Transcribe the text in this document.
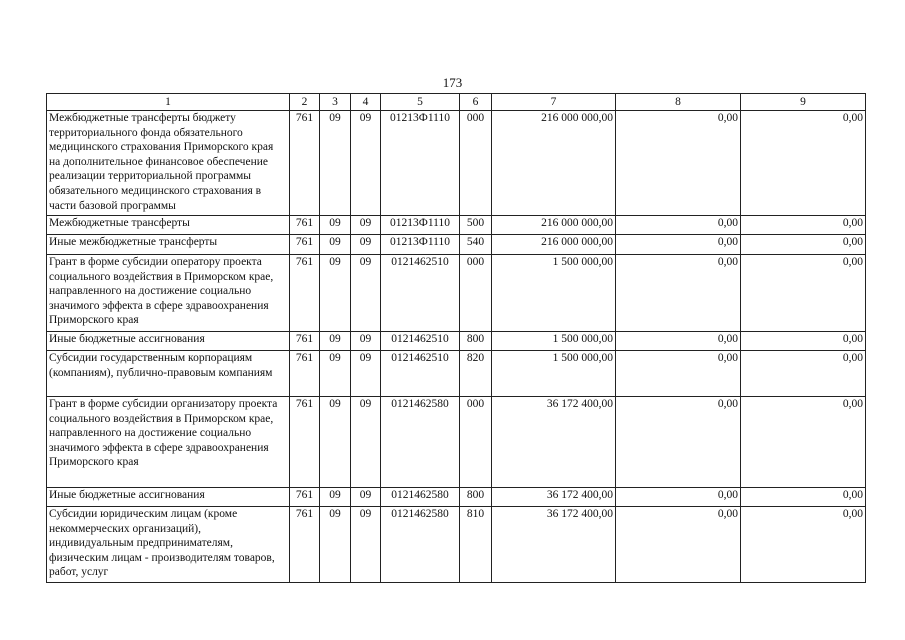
173
1	2	3	4	5	6	7	8	9
Межбюджетные трансферты бюджету территориального фонда обязательного медицинского страхования Приморского края на дополнительное финансовое обеспечение реализации территориальной программы обязательного медицинского страхования в части базовой программы	761	09	09	01213Ф1110	000	216 000 000,00	0,00	0,00
Межбюджетные трансферты	761	09	09	01213Ф1110	500	216 000 000,00	0,00	0,00
Иные межбюджетные трансферты	761	09	09	01213Ф1110	540	216 000 000,00	0,00	0,00
Грант в форме субсидии оператору проекта социального воздействия в Приморском крае, направленного на достижение социально значимого эффекта в сфере здравоохранения Приморского края	761	09	09	0121462510	000	1 500 000,00	0,00	0,00
Иные бюджетные ассигнования	761	09	09	0121462510	800	1 500 000,00	0,00	0,00
Субсидии государственным корпорациям (компаниям), публично-правовым компаниям	761	09	09	0121462510	820	1 500 000,00	0,00	0,00
Грант в форме субсидии организатору проекта социального воздействия в Приморском крае, направленного на достижение социально значимого эффекта в сфере здравоохранения Приморского края	761	09	09	0121462580	000	36 172 400,00	0,00	0,00
Иные бюджетные ассигнования	761	09	09	0121462580	800	36 172 400,00	0,00	0,00
Субсидии юридическим лицам (кроме некоммерческих организаций), индивидуальным предпринимателям, физическим лицам - производителям товаров, работ, услуг	761	09	09	0121462580	810	36 172 400,00	0,00	0,00
